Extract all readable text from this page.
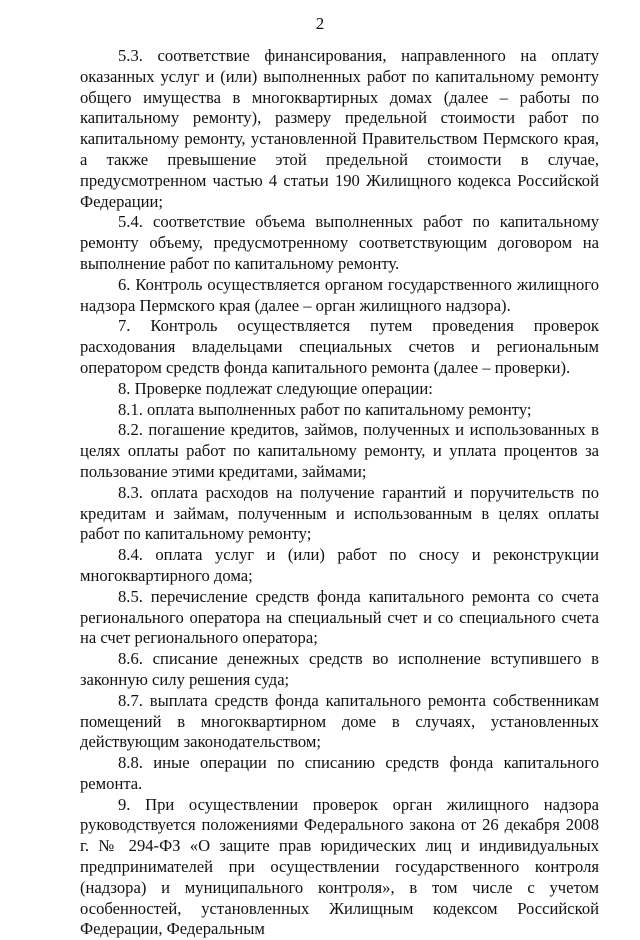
2

5.3. соответствие финансирования, направленного на оплату оказанных услуг и (или) выполненных работ по капитальному ремонту общего имущества в многоквартирных домах (далее – работы по капитальному ремонту), размеру предельной стоимости работ по капитальному ремонту, установленной Правительством Пермского края, а также превышение этой предельной стоимости в случае, предусмотренном частью 4 статьи 190 Жилищного кодекса Российской Федерации;

5.4. соответствие объема выполненных работ по капитальному ремонту объему, предусмотренному соответствующим договором на выполнение работ по капитальному ремонту.

6. Контроль осуществляется органом государственного жилищного надзора Пермского края (далее – орган жилищного надзора).

7. Контроль осуществляется путем проведения проверок расходования владельцами специальных счетов и региональным оператором средств фонда капитального ремонта (далее – проверки).

8. Проверке подлежат следующие операции:

8.1. оплата выполненных работ по капитальному ремонту;

8.2. погашение кредитов, займов, полученных и использованных в целях оплаты работ по капитальному ремонту, и уплата процентов за пользование этими кредитами, займами;

8.3. оплата расходов на получение гарантий и поручительств по кредитам и займам, полученным и использованным в целях оплаты работ по капитальному ремонту;

8.4. оплата услуг и (или) работ по сносу и реконструкции многоквартирного дома;

8.5. перечисление средств фонда капитального ремонта со счета регионального оператора на специальный счет и со специального счета на счет регионального оператора;

8.6. списание денежных средств во исполнение вступившего в законную силу решения суда;

8.7. выплата средств фонда капитального ремонта собственникам помещений в многоквартирном доме в случаях, установленных действующим законодательством;

8.8. иные операции по списанию средств фонда капитального ремонта.

9. При осуществлении проверок орган жилищного надзора руководствуется положениями Федерального закона от 26 декабря 2008 г. № 294-ФЗ «О защите прав юридических лиц и индивидуальных предпринимателей при осуществлении государственного контроля (надзора) и муниципального контроля», в том числе с учетом особенностей, установленных Жилищным кодексом Российской Федерации, Федеральным
